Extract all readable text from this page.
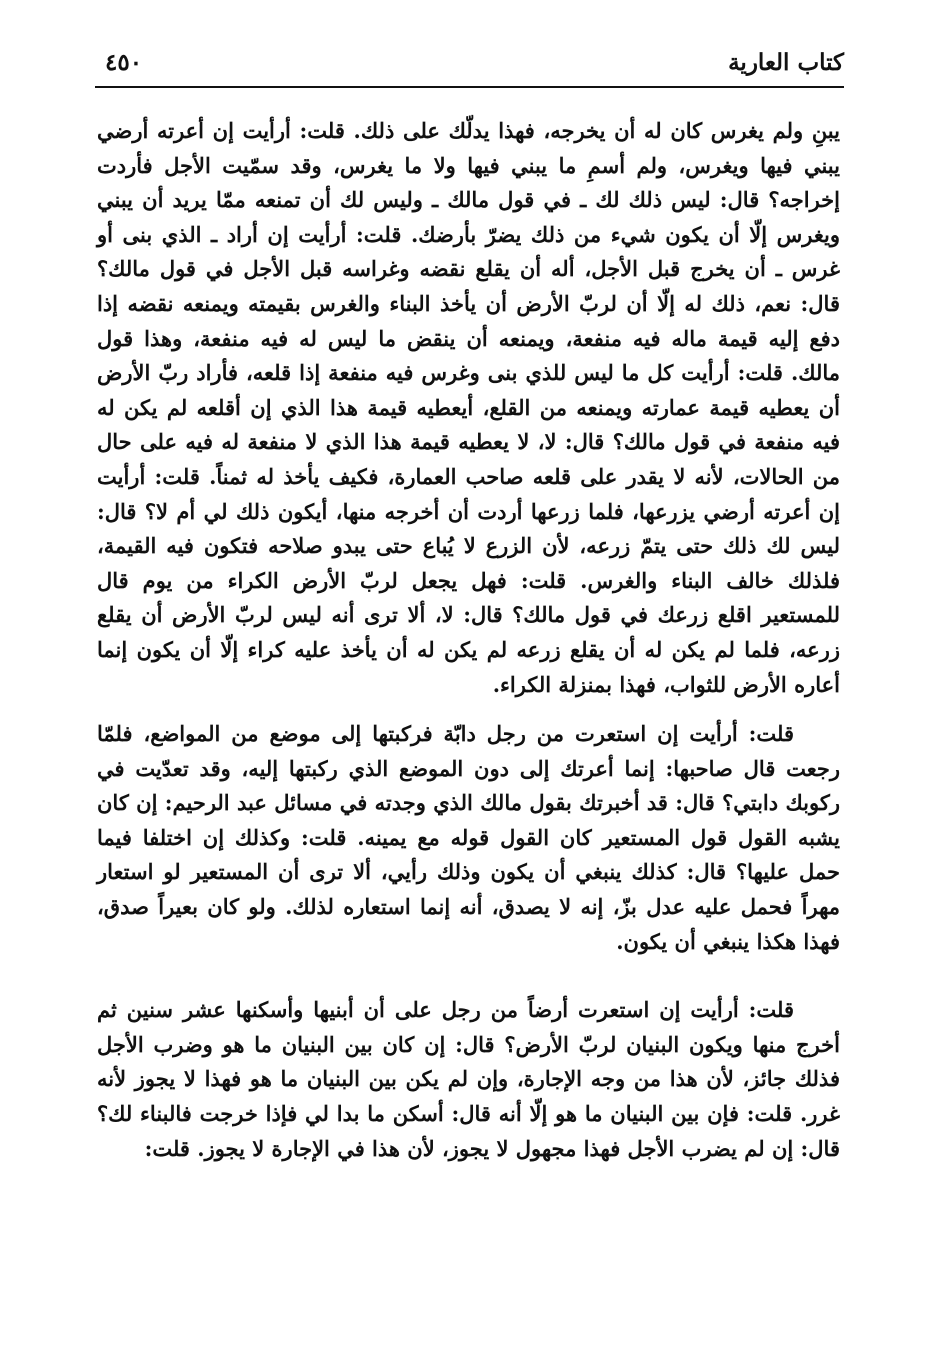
كتاب العارية
٤٥٠

يبنِ ولم يغرس كان له أن يخرجه، فهذا يدلّك على ذلك. قلت: أرأيت إن أعرته أرضي يبني فيها ويغرس، ولم أسمِ ما يبني فيها ولا ما يغرس، وقد سمّيت الأجل فأردت إخراجه؟ قال: ليس ذلك لك ـ في قول مالك ـ وليس لك أن تمنعه ممّا يريد أن يبني ويغرس إلّا أن يكون شيء من ذلك يضرّ بأرضك. قلت: أرأيت إن أراد ـ الذي بنى أو غرس ـ أن يخرج قبل الأجل، أله أن يقلع نقضه وغراسه قبل الأجل في قول مالك؟ قال: نعم، ذلك له إلّا أن لربّ الأرض أن يأخذ البناء والغرس بقيمته ويمنعه نقضه إذا دفع إليه قيمة ماله فيه منفعة، ويمنعه أن ينقض ما ليس له فيه منفعة، وهذا قول مالك. قلت: أرأيت كل ما ليس للذي بنى وغرس فيه منفعة إذا قلعه، فأراد ربّ الأرض أن يعطيه قيمة عمارته ويمنعه من القلع، أيعطيه قيمة هذا الذي إن أقلعه لم يكن له فيه منفعة في قول مالك؟ قال: لا، لا يعطيه قيمة هذا الذي لا منفعة له فيه على حال من الحالات، لأنه لا يقدر على قلعه صاحب العمارة، فكيف يأخذ له ثمناً. قلت: أرأيت إن أعرته أرضي يزرعها، فلما زرعها أردت أن أخرجه منها، أيكون ذلك لي أم لا؟ قال: ليس لك ذلك حتى يتمّ زرعه، لأن الزرع لا يُباع حتى يبدو صلاحه فتكون فيه القيمة، فلذلك خالف البناء والغرس. قلت: فهل يجعل لربّ الأرض الكراء من يوم قال للمستعير اقلع زرعك في قول مالك؟ قال: لا، ألا ترى أنه ليس لربّ الأرض أن يقلع زرعه، فلما لم يكن له أن يقلع زرعه لم يكن له أن يأخذ عليه كراء إلّا أن يكون إنما أعاره الأرض للثواب، فهذا بمنزلة الكراء.

قلت: أرأيت إن استعرت من رجل دابّة فركبتها إلى موضع من المواضع، فلمّا رجعت قال صاحبها: إنما أعرتك إلى دون الموضع الذي ركبتها إليه، وقد تعدّيت في ركوبك دابتي؟ قال: قد أخبرتك بقول مالك الذي وجدته في مسائل عبد الرحيم: إن كان يشبه القول قول المستعير كان القول قوله مع يمينه. قلت: وكذلك إن اختلفا فيما حمل عليها؟ قال: كذلك ينبغي أن يكون وذلك رأيي، ألا ترى أن المستعير لو استعار مهراً فحمل عليه عدل بزّ، إنه لا يصدق، أنه إنما استعاره لذلك. ولو كان بعيراً صدق، فهذا هكذا ينبغي أن يكون.

قلت: أرأيت إن استعرت أرضاً من رجل على أن أبنيها وأسكنها عشر سنين ثم أخرج منها ويكون البنيان لربّ الأرض؟ قال: إن كان بين البنيان ما هو وضرب الأجل فذلك جائز، لأن هذا من وجه الإجارة، وإن لم يكن بين البنيان ما هو فهذا لا يجوز لأنه غرر. قلت: فإن بين البنيان ما هو إلّا أنه قال: أسكن ما بدا لي فإذا خرجت فالبناء لك؟ قال: إن لم يضرب الأجل فهذا مجهول لا يجوز، لأن هذا في الإجارة لا يجوز. قلت:
